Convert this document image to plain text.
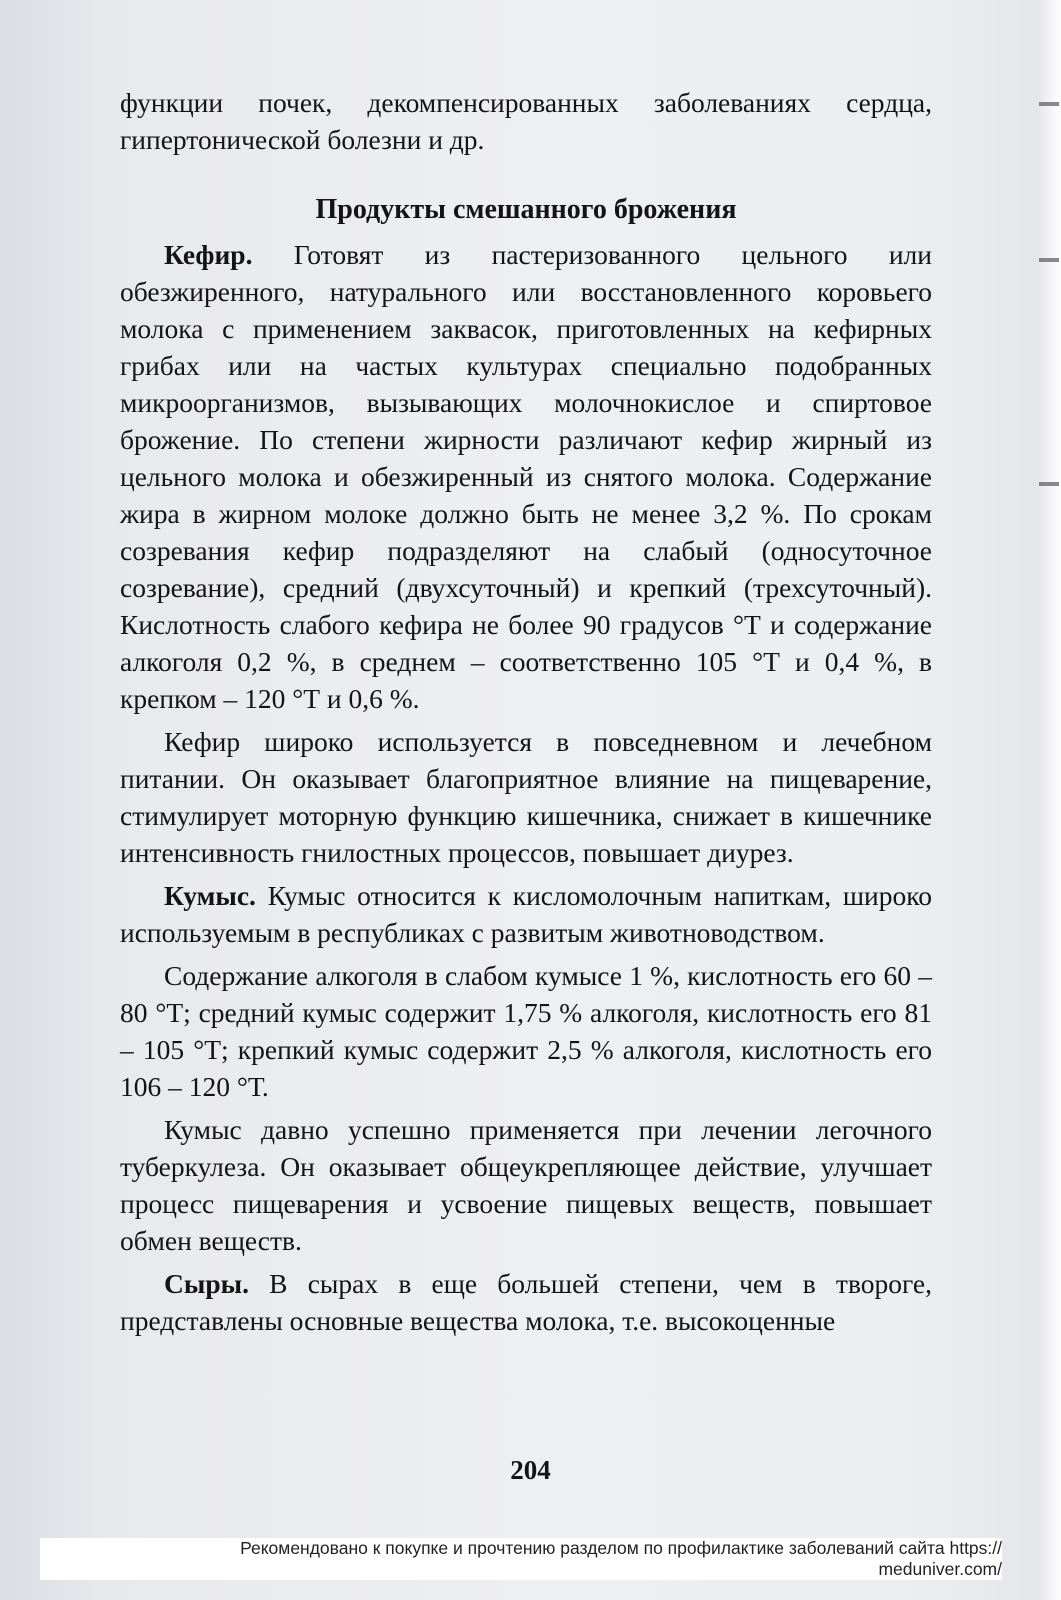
функции почек, декомпенсированных заболеваниях сердца, гипертонической болезни и др.

Продукты смешанного брожения

Кефир. Готовят из пастеризованного цельного или обезжиренного, натурального или восстановленного коровьего молока с применением заквасок, приготовленных на кефирных грибах или на частых культурах специально подобранных микроорганизмов, вызывающих молочнокислое и спиртовое брожение. По степени жирности различают кефир жирный из цельного молока и обезжиренный из снятого молока. Содержание жира в жирном молоке должно быть не менее 3,2 %. По срокам созревания кефир подразделяют на слабый (односуточное созревание), средний (двухсуточный) и крепкий (трехсуточный). Кислотность слабого кефира не более 90 градусов °Т и содержание алкоголя 0,2 %, в среднем – соответственно 105 °Т и 0,4 %, в крепком – 120 °Т и 0,6 %.

Кефир широко используется в повседневном и лечебном питании. Он оказывает благоприятное влияние на пищеварение, стимулирует моторную функцию кишечника, снижает в кишечнике интенсивность гнилостных процессов, повышает диурез.

Кумыс. Кумыс относится к кисломолочным напиткам, широко используемым в республиках с развитым животноводством.

Содержание алкоголя в слабом кумысе 1 %, кислотность его 60 – 80 °Т; средний кумыс содержит 1,75 % алкоголя, кислотность его 81 – 105 °Т; крепкий кумыс содержит 2,5 % алкоголя, кислотность его 106 – 120 °Т.

Кумыс давно успешно применяется при лечении легочного туберкулеза. Он оказывает общеукрепляющее действие, улучшает процесс пищеварения и усвоение пищевых веществ, повышает обмен веществ.

Сыры. В сырах в еще большей степени, чем в твороге, представлены основные вещества молока, т.е. высокоценные

204
Рекомендовано к покупке и прочтению разделом по профилактике заболеваний сайта https://
meduniver.com/
